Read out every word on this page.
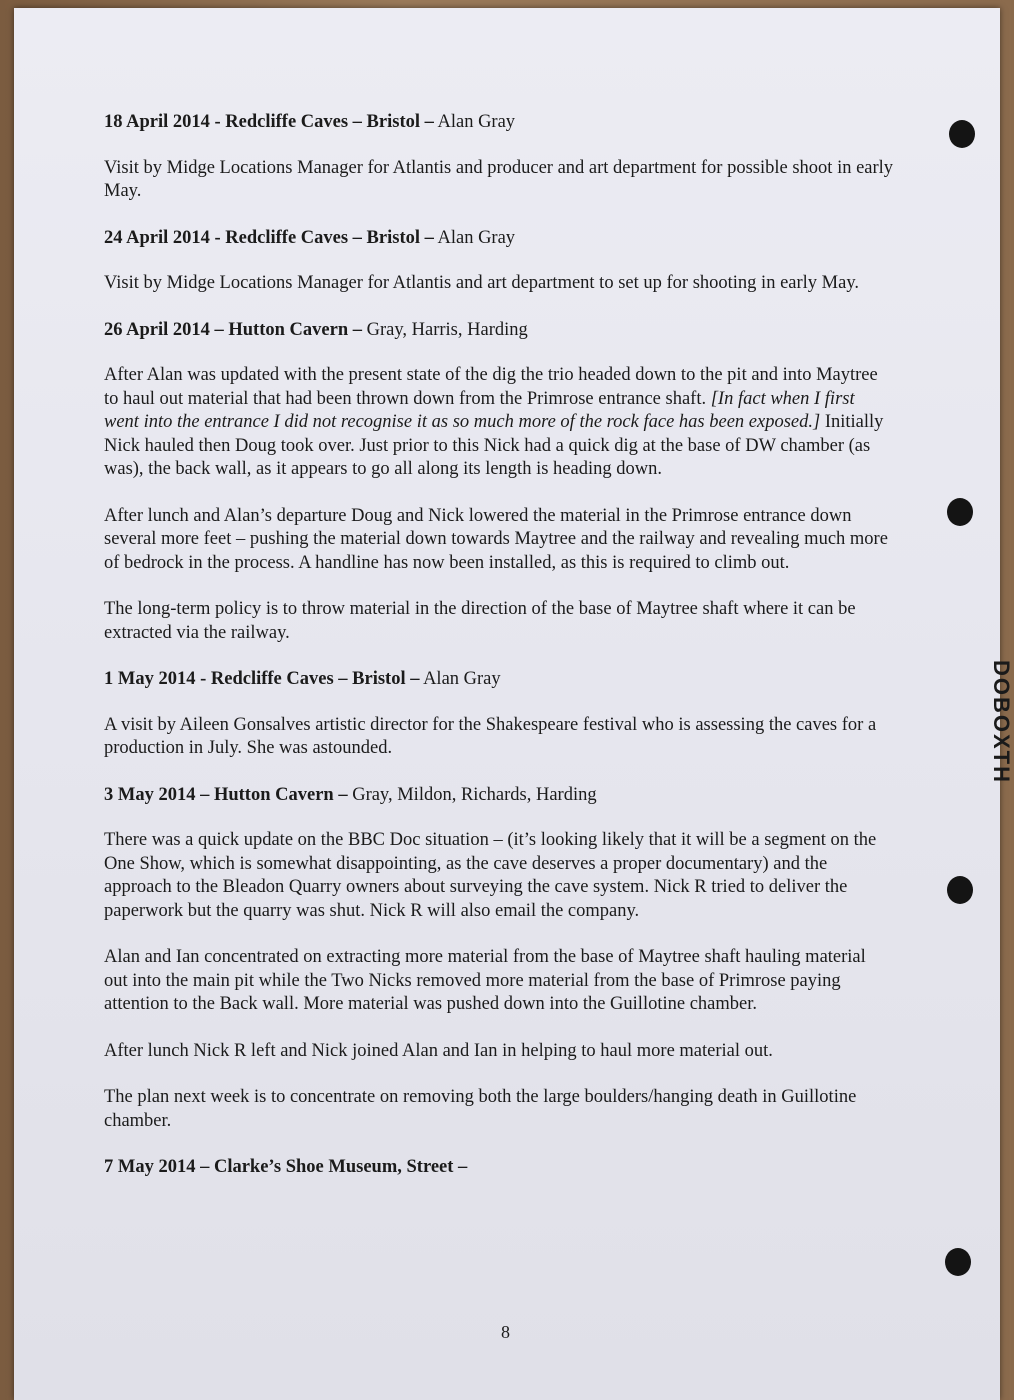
DOBOXTH

18 April 2014 - Redcliffe Caves – Bristol – Alan Gray

Visit by Midge Locations Manager for Atlantis and producer and art department for possible shoot in early May.

24 April 2014 - Redcliffe Caves – Bristol – Alan Gray

Visit by Midge Locations Manager for Atlantis and art department to set up for shooting in early May.

26 April 2014 – Hutton Cavern – Gray, Harris, Harding

After Alan was updated with the present state of the dig the trio headed down to the pit and into Maytree to haul out material that had been thrown down from the Primrose entrance shaft. [In fact when I first went into the entrance I did not recognise it as so much more of the rock face has been exposed.] Initially Nick hauled then Doug took over. Just prior to this Nick had a quick dig at the base of DW chamber (as was), the back wall, as it appears to go all along its length is heading down.

After lunch and Alan’s departure Doug and Nick lowered the material in the Primrose entrance down several more feet – pushing the material down towards Maytree and the railway and revealing much more of bedrock in the process. A handline has now been installed, as this is required to climb out.

The long-term policy is to throw material in the direction of the base of Maytree shaft where it can be extracted via the railway.

1 May 2014 - Redcliffe Caves – Bristol – Alan Gray

A visit by Aileen Gonsalves artistic director for the Shakespeare festival who is assessing the caves for a production in July. She was astounded.

3 May 2014 – Hutton Cavern – Gray, Mildon, Richards, Harding

There was a quick update on the BBC Doc situation – (it’s looking likely that it will be a segment on the One Show, which is somewhat disappointing, as the cave deserves a proper documentary) and the approach to the Bleadon Quarry owners about surveying the cave system. Nick R tried to deliver the paperwork but the quarry was shut. Nick R will also email the company.

Alan and Ian concentrated on extracting more material from the base of Maytree shaft hauling material out into the main pit while the Two Nicks removed more material from the base of Primrose paying attention to the Back wall. More material was pushed down into the Guillotine chamber.

After lunch Nick R left and Nick joined Alan and Ian in helping to haul more material out.

The plan next week is to concentrate on removing both the large boulders/hanging death in Guillotine chamber.

7 May 2014 – Clarke’s Shoe Museum, Street –

8
